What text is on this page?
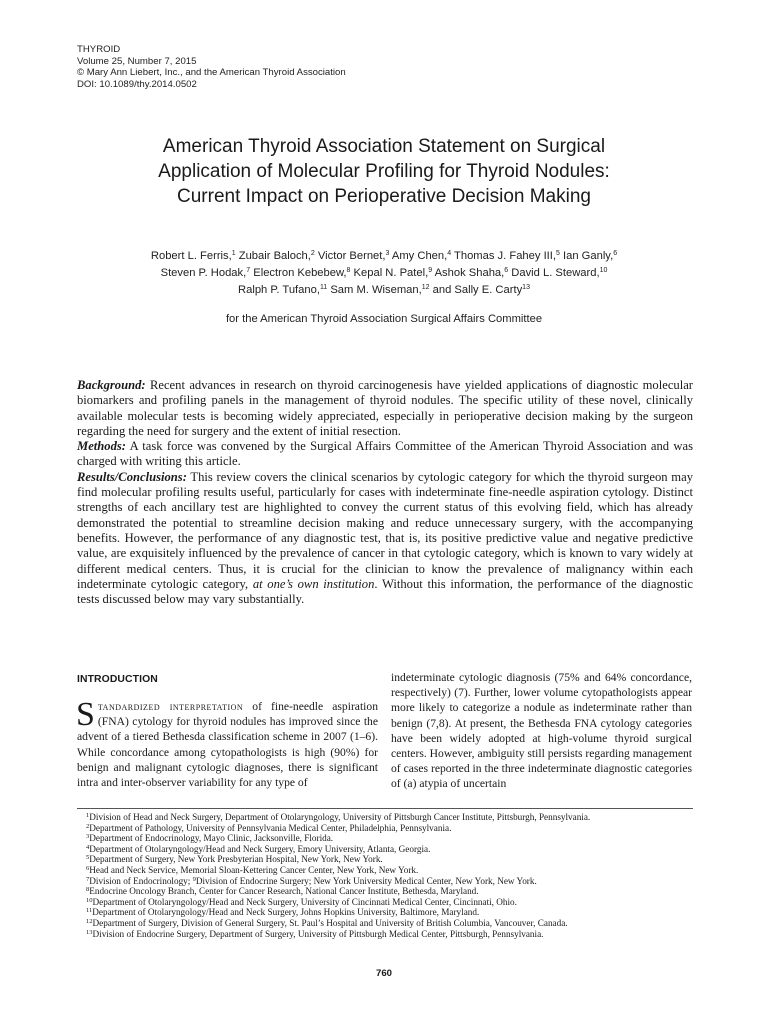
THYROID
Volume 25, Number 7, 2015
© Mary Ann Liebert, Inc., and the American Thyroid Association
DOI: 10.1089/thy.2014.0502
American Thyroid Association Statement on Surgical
Application of Molecular Profiling for Thyroid Nodules:
Current Impact on Perioperative Decision Making
Robert L. Ferris,$^1$ Zubair Baloch,$^2$ Victor Bernet,$^3$ Amy Chen,$^4$ Thomas J. Fahey III,$^5$ Ian Ganly,$^6$
Steven P. Hodak,$^7$ Electron Kebebew,$^8$ Kepal N. Patel,$^9$ Ashok Shaha,$^6$ David L. Steward,$^{10}$
Ralph P. Tufano,$^{11}$ Sam M. Wiseman,$^{12}$ and Sally E. Carty$^{13}$
for the American Thyroid Association Surgical Affairs Committee

Background: Recent advances in research on thyroid carcinogenesis have yielded applications of diagnostic molecular biomarkers and profiling panels in the management of thyroid nodules. The specific utility of these novel, clinically available molecular tests is becoming widely appreciated, especially in perioperative decision making by the surgeon regarding the need for surgery and the extent of initial resection.

Methods: A task force was convened by the Surgical Affairs Committee of the American Thyroid Association and was charged with writing this article.

Results/Conclusions: This review covers the clinical scenarios by cytologic category for which the thyroid surgeon may find molecular profiling results useful, particularly for cases with indeterminate fine-needle aspiration cytology. Distinct strengths of each ancillary test are highlighted to convey the current status of this evolving field, which has already demonstrated the potential to streamline decision making and reduce unnecessary surgery, with the accompanying benefits. However, the performance of any diagnostic test, that is, its positive predictive value and negative predictive value, are exquisitely influenced by the prevalence of cancer in that cytologic category, which is known to vary widely at different medical centers. Thus, it is crucial for the clinician to know the prevalence of malignancy within each indeterminate cytologic category, at one’s own institution. Without this information, the performance of the diagnostic tests discussed below may vary substantially.

INTRODUCTION

Standardized interpretation of fine-needle aspiration (FNA) cytology for thyroid nodules has improved since the advent of a tiered Bethesda classification scheme in 2007 (1–6). While concordance among cytopathologists is high (90%) for benign and malignant cytologic diagnoses, there is significant intra and inter-observer variability for any type of

indeterminate cytologic diagnosis (75% and 64% concordance, respectively) (7). Further, lower volume cytopathologists appear more likely to categorize a nodule as indeterminate rather than benign (7,8). At present, the Bethesda FNA cytology categories have been widely adopted at high-volume thyroid surgical centers. However, ambiguity still persists regarding management of cases reported in the three indeterminate diagnostic categories of (a) atypia of uncertain

$^1$Division of Head and Neck Surgery, Department of Otolaryngology, University of Pittsburgh Cancer Institute, Pittsburgh, Pennsylvania.
$^2$Department of Pathology, University of Pennsylvania Medical Center, Philadelphia, Pennsylvania.
$^3$Department of Endocrinology, Mayo Clinic, Jacksonville, Florida.
$^4$Department of Otolaryngology/Head and Neck Surgery, Emory University, Atlanta, Georgia.
$^5$Department of Surgery, New York Presbyterian Hospital, New York, New York.
$^6$Head and Neck Service, Memorial Sloan-Kettering Cancer Center, New York, New York.
$^7$Division of Endocrinology; $^9$Division of Endocrine Surgery; New York University Medical Center, New York, New York.
$^8$Endocrine Oncology Branch, Center for Cancer Research, National Cancer Institute, Bethesda, Maryland.
$^{10}$Department of Otolaryngology/Head and Neck Surgery, University of Cincinnati Medical Center, Cincinnati, Ohio.
$^{11}$Department of Otolaryngology/Head and Neck Surgery, Johns Hopkins University, Baltimore, Maryland.
$^{12}$Department of Surgery, Division of General Surgery, St. Paul’s Hospital and University of British Columbia, Vancouver, Canada.
$^{13}$Division of Endocrine Surgery, Department of Surgery, University of Pittsburgh Medical Center, Pittsburgh, Pennsylvania.
760
